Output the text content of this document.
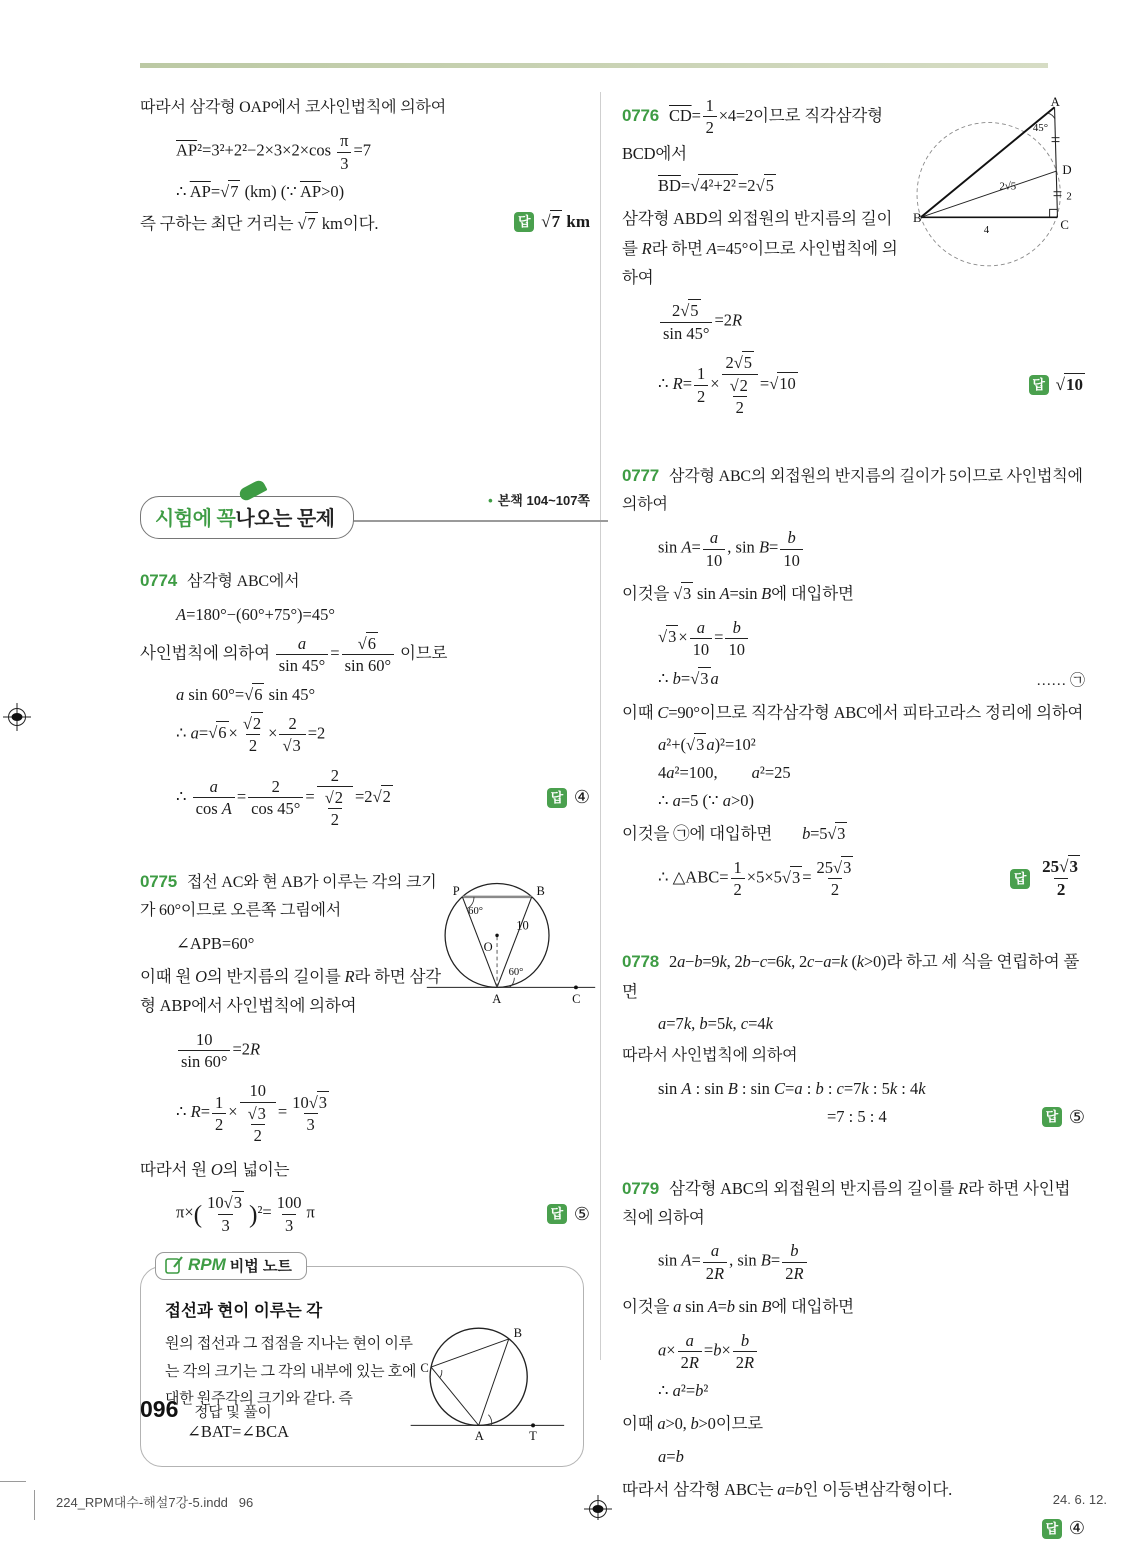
따라서 삼각형 OAP에서 코사인법칙에 의하여

$\overline{AP}^2=3^2+2^2-2\times 3\times 2\times\cos \frac{\pi}{3} =7$
∴ $\overline{AP}=√7$ (km) (∵ $\overline{AP}>0$)
즉 구하는 최단 거리는 √7 km이다.	답 √7 km
시험에 꼭 나오는 문제
• 본책 104~107쪽

0774 삼각형 ABC에서

A=180°−(60°+75°)=45°
사인법칙에 의하여 $\frac{a}{\sin 45^\circ} = \frac{√6}{\sin 60^\circ}$ 이므로
a sin 60°=√6 sin 45°
∴ $a=√6 \times \frac{√2}{2} \times \frac{2}{√3} =2$
∴ $\frac{a}{\text{cos A}} = \frac{2}{\cos 45^\circ} = \frac{2}{\frac{√2}{2}} =2√2$	답 ④
P	B
O
A	C
10
60°
60°

0775 접선 AC와 현 AB가 이루는 각의 크기가 60°이므로 오른쪽 그림에서

∠APB=60°
이때 원 O의 반지름의 길이를 R라 하면 삼각형 ABP에서 사인법칙에 의하여
$\frac{10}{\sin 60^\circ} =2R$
∴ $R= \frac{1}{2} \times \frac{10}{\frac{√3}{2}} = \frac{10√3}{3}$
따라서 원 O의 넓이는
$\pi\times( \frac{10√3}{3} )^2= \frac{100}{3}$ π	답 ⑤
RPM 비법 노트
B
C
A	T
접선과 현이 이루는 각
원의 접선과 그 접점을 지나는 현이 이루는 각의 크기는 그 각의 내부에 있는 호에 대한 원주각의 크기와 같다. 즉
∠BAT=∠BCA
A
B	C
D
45°
2√5
2
4
0776 $\overline{CD}= \frac{1}{2} \times 4=2$이므로 직각삼각형 BCD에서
$\overline{BD}=√4^2+2^2 =2√5$
삼각형 ABD의 외접원의 반지름의 길이를 R라 하면 A=45°이므로 사인법칙에 의하여
$\frac{2√5}{\sin 45^\circ} =2R$
∴ $R= \frac{1}{2} \times \frac{2√5}{\frac{√2}{2}} =√10$	답 √10

0777 삼각형 ABC의 외접원의 반지름의 길이가 5이므로 사인법칙에 의하여

$\sin A= \frac{a}{10}$ , $\sin B= \frac{b}{10}$
이것을 √3 sin A=sin B에 대입하면
$√3 \times \frac{a}{10} = \frac{b}{10}$
∴ b=√3 a	…… ㉠
이때 C=90°이므로 직각삼각형 ABC에서 피타고라스 정리에 의하여
a²+(√3 a)²=10²
4a²=100, a²=25
∴ a=5 (∵ a>0)
이것을 ㉠에 대입하면 b=5√3
∴ △ABC= $\frac{1}{2} \times 5\times 5√3 = \frac{25√3}{2}$	답 $\frac{25√3}{2}$
0778 2a−b=9k, 2b−c=6k, 2c−a=k (k>0)라 하고 세 식을 연립하여 풀면
a=7k, b=5k, c=4k

따라서 사인법칙에 의하여

sin A : sin B : sin C=a : b : c=7k : 5k : 4k
=7 : 5 : 4	답 ⑤
0779 삼각형 ABC의 외접원의 반지름의 길이를 R라 하면 사인법칙에 의하여
$\sin A= \frac{a}{2R}$ , $\sin B= \frac{b}{2R}$
이것을 a sin A=b sin B에 대입하면
$a\times \frac{a}{2R} =b\times \frac{b}{2R}$
∴ a²=b²
이때 a>0, b>0이므로
a=b
따라서 삼각형 ABC는 a=b인 이등변삼각형이다.
답 ④
096 정답 및 풀이
224_RPM대수-해설7강-5.indd 96	24. 6. 12.
